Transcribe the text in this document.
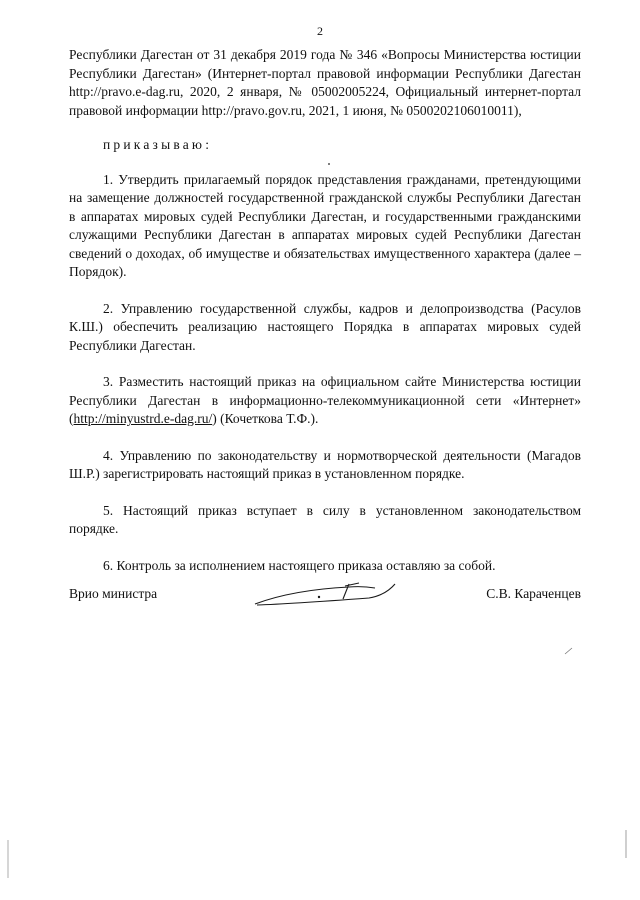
2

Республики Дагестан от 31 декабря 2019 года № 346 «Вопросы Министерства юстиции Республики Дагестан» (Интернет-портал правовой информации Республики Дагестан http://pravo.e-dag.ru, 2020, 2 января, № 05002005224, Официальный интернет-портал правовой информации http://pravo.gov.ru, 2021, 1 июня, № 0500202106010011),

приказываю:

1. Утвердить прилагаемый порядок представления гражданами, претендующими на замещение должностей государственной гражданской службы Республики Дагестан в аппаратах мировых судей Республики Дагестан, и государственными гражданскими служащими Республики Дагестан в аппаратах мировых судей Республики Дагестан сведений о доходах, об имуществе и обязательствах имущественного характера (далее – Порядок).

2. Управлению государственной службы, кадров и делопроизводства (Расулов К.Ш.) обеспечить реализацию настоящего Порядка в аппаратах мировых судей Республики Дагестан.

3. Разместить настоящий приказ на официальном сайте Министерства юстиции Республики Дагестан в информационно-телекоммуникационной сети «Интернет» (http://minyustrd.e-dag.ru/) (Кочеткова Т.Ф.).

4. Управлению по законодательству и нормотворческой деятельности (Магадов Ш.Р.) зарегистрировать настоящий приказ в установленном порядке.

5. Настоящий приказ вступает в силу в установленном законодательством порядке.

6. Контроль за исполнением настоящего приказа оставляю за собой.

Врио министра	С.В. Караченцев
